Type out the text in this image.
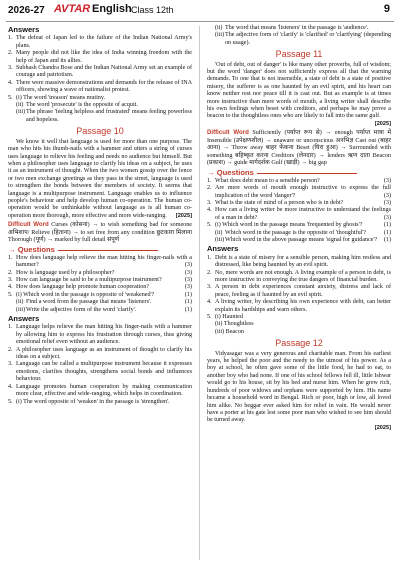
2026-27 AVTAR English Class 12th	9
Answers
1. The defeat of Japan led to the failure of the Indian National Army's plans.
2. Many people did not like the idea of India winning freedom with the help of Japan and its allies.
3. Subhash Chandra Bose and the Indian National Army set an example of courage and patriotism.
4. There were massive demonstrations and demands for the release of INA officers, showing a wave of nationalist protest.
5. (i) The word 'treason' means mutiny.
(ii) The word 'prosecute' is the opposite of acquit.
(iii) The phrase 'feeling helpless and frustrated' means feeling powerless and hopeless.
Passage 10

We know it well that language is used for more than one purpose. The man who hits his thumb-nails with a hammer and utters a string of curses uses language to relieve his feeling and needs no audience but himself. But when a philosopher uses language to clarify his ideas on a subject, he uses it as an instrument of thought. When the two women gossip over the fence or two men exchange greetings as they pass in the street, language is used to strengthen the bonds between the members of society. It seems that language is a multipurpose instrument. Language enables us to influence people's behaviour and help develop human co-operation. The human co-operation would be unthinkable without language as is all human co-operation more thorough, more effective and more wide-ranging.	[2025]

Difficult Word Curses (कोसना) → to wish something bad for someone अभिशाप/ Relieve (हिताना) → to set free from any condition छुटकारा मिलाना Thorough (पूर्ण) → marked by full detail संपूर्ण
→ Questions
1. How does language help relieve the man hitting his finger-nails with a hammer?	(3)
2. How is language used by a philosopher?	(3)
3. How can language be said to be a multipurpose instrument?	(3)
4. How does language help promote human cooperation?	(3)
5. (i) Which word in the passage is opposite of 'weakened'?	(1)
(ii) Find a word from the passage that means 'listeners'.	(1)
(iii) Write the adjective form of the word 'clarify'.	(1)
Answers
1. Language helps relieve the man hitting his finger-nails with a hammer by allowing him to express his frustration through curses, thus giving emotional relief even without an audience.
2. A philosopher uses language as an instrument of thought to clarify his ideas on a subject.
3. Language can be called a multipurpose instrument because it expresses emotions, clarifies thoughts, strengthens social bonds and influences behaviour.
4. Language promotes human cooperation by making communication more clear, effective and wide-ranging, which helps in coordination.
5. (i) The word opposite of 'weaken' in the passage is 'strengthen'.
(ii) The word that means 'listeners' in the passage is 'audience'.
(iii) The adjective form of 'clarify' is 'clarified' or 'clarifying' (depending on usage).
Passage 11

'Out of debt, out of danger' is like many other proverbs, full of wisdom; but the word 'danger' does not sufficiently express all that the warning demands. To one that is not insensible, a state of debt is a state of positive misery, the sufferer is as one haunted by an evil spirit, and his heart can know neither rest nor peace till it is cast out. But as example is at times more instructive than mere words of mouth, a living writer shall describe his own feelings when beset with creditors, and perhaps he may prove a beacon to the thoughtless ones who are likely to fall into the same gulf.

[2025]
Difficult Word Sufficiently (पर्याप्त रूप से) → enough पर्याप्त मात्रा में Insensible (उपेक्षणशील) → unaware or unconscious अनभिज्ञ Cast out (बाहर आना) → Throw away बाहर फेंकना Beset (घिरा हुआ) → Surrounded with something बहिष्कृत करना Creditors (लेनदार) → lenders ऋण दाता Beacon (प्रकाश) → guide मार्गदर्शक Gulf (खाड़ी) → big gap
→ Questions
1. What does debt mean to a sensible person?	(3)
2. Are mere words of mouth enough instructive to express the full implication of the word 'danger'?	(3)
3. What is the state of mind of a person who is in debt?	(3)
4. How can a living writer be more instructive to understand the feelings of a man in debt?	(3)
5. (i) Which word in the passage means 'frequented by ghosts'?	(1)
(ii) Which word in the passage is the opposite of 'thoughtful'?	(1)
(iii) Which word in the above passage means 'signal for guidance'?	(1)
Answers
1. Debt is a state of misery for a sensible person, making him restless and distressed, like being haunted by an evil spirit.
2. No, mere words are not enough. A living example of a person in debt, is more instructive in conveying the true dangers of financial burden.
3. A person in debt experiences constant anxiety, distress and lack of peace, feeling as if haunted by an evil spirit.
4. A living writer, by describing his own experience with debt, can better explain its hardships and warn others.
5. (i) Haunted
(ii) Thoughtless
(iii) Beacon
Passage 12

Vidyasagar was a very generous and charitable man. From his earliest years, he helped the poor and the needy to the utmost of his power. As a boy at school, he often gave some of the little food, he had to eat, to another boy who had none. If one of his school fellows fell ill, little Ishwar would go to his house, sit by his bed and nurse him. When he grew rich, hundreds of poor widows and orphans were supported by him. His name became a household word in Bengal. Rich or poor, high or low, all loved him alike. No beggar ever asked him for relief in vain. He would never have a porter at his gate lest some poor man who wished to see him should be turned away.

[2025]
